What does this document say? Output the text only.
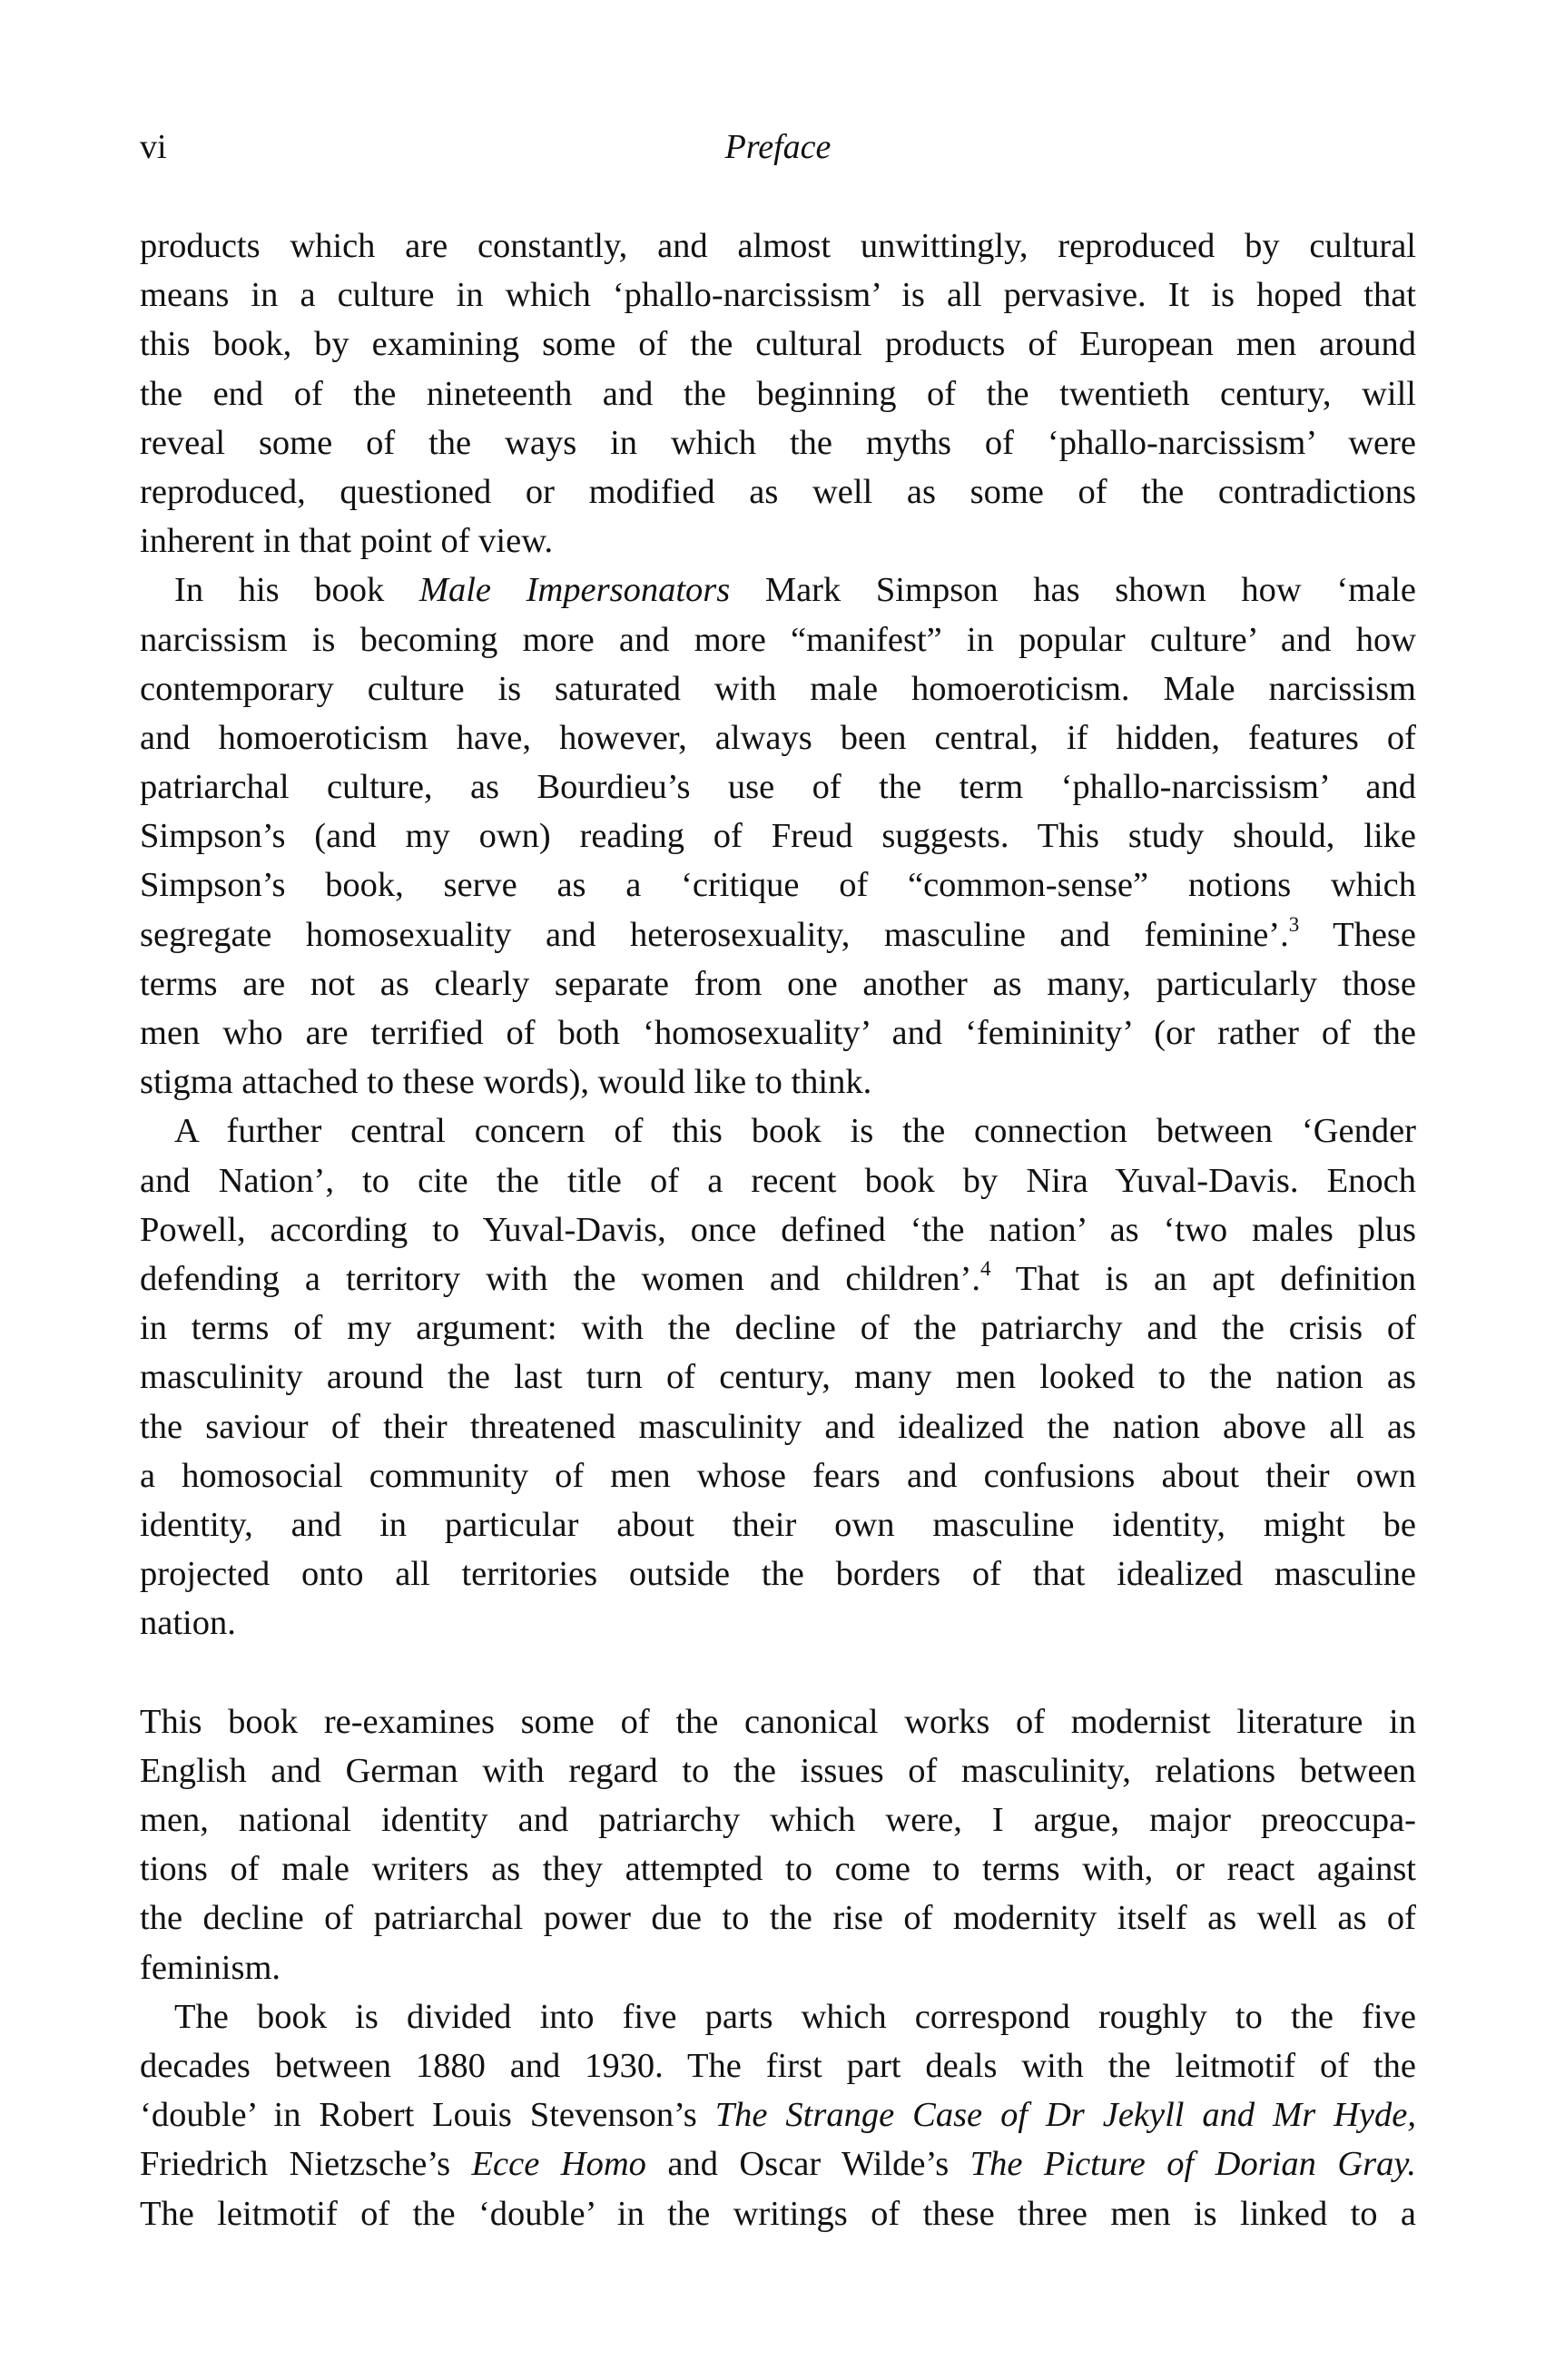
vi	Preface
products which are constantly, and almost unwittingly, reproduced by cultural
means in a culture in which ‘phallo-narcissism’ is all pervasive. It is hoped that
this book, by examining some of the cultural products of European men around
the end of the nineteenth and the beginning of the twentieth century, will
reveal some of the ways in which the myths of ‘phallo-narcissism’ were
reproduced, questioned or modified as well as some of the contradictions
inherent in that point of view.
In his book Male Impersonators Mark Simpson has shown how ‘male
narcissism is becoming more and more “manifest” in popular culture’ and how
contemporary culture is saturated with male homoeroticism. Male narcissism
and homoeroticism have, however, always been central, if hidden, features of
patriarchal culture, as Bourdieu’s use of the term ‘phallo-narcissism’ and
Simpson’s (and my own) reading of Freud suggests. This study should, like
Simpson’s book, serve as a ‘critique of “common-sense” notions which
segregate homosexuality and heterosexuality, masculine and feminine’.$^3$ These
terms are not as clearly separate from one another as many, particularly those
men who are terrified of both ‘homosexuality’ and ‘femininity’ (or rather of the
stigma attached to these words), would like to think.
A further central concern of this book is the connection between ‘Gender
and Nation’, to cite the title of a recent book by Nira Yuval-Davis. Enoch
Powell, according to Yuval-Davis, once defined ‘the nation’ as ‘two males plus
defending a territory with the women and children’.$^4$ That is an apt definition
in terms of my argument: with the decline of the patriarchy and the crisis of
masculinity around the last turn of century, many men looked to the nation as
the saviour of their threatened masculinity and idealized the nation above all as
a homosocial community of men whose fears and confusions about their own
identity, and in particular about their own masculine identity, might be
projected onto all territories outside the borders of that idealized masculine
nation.
This book re-examines some of the canonical works of modernist literature in
English and German with regard to the issues of masculinity, relations between
men, national identity and patriarchy which were, I argue, major preoccupa-
tions of male writers as they attempted to come to terms with, or react against
the decline of patriarchal power due to the rise of modernity itself as well as of
feminism.
The book is divided into five parts which correspond roughly to the five
decades between 1880 and 1930. The first part deals with the leitmotif of the
‘double’ in Robert Louis Stevenson’s The Strange Case of Dr Jekyll and Mr Hyde,
Friedrich Nietzsche’s Ecce Homo and Oscar Wilde’s The Picture of Dorian Gray.
The leitmotif of the ‘double’ in the writings of these three men is linked to a
